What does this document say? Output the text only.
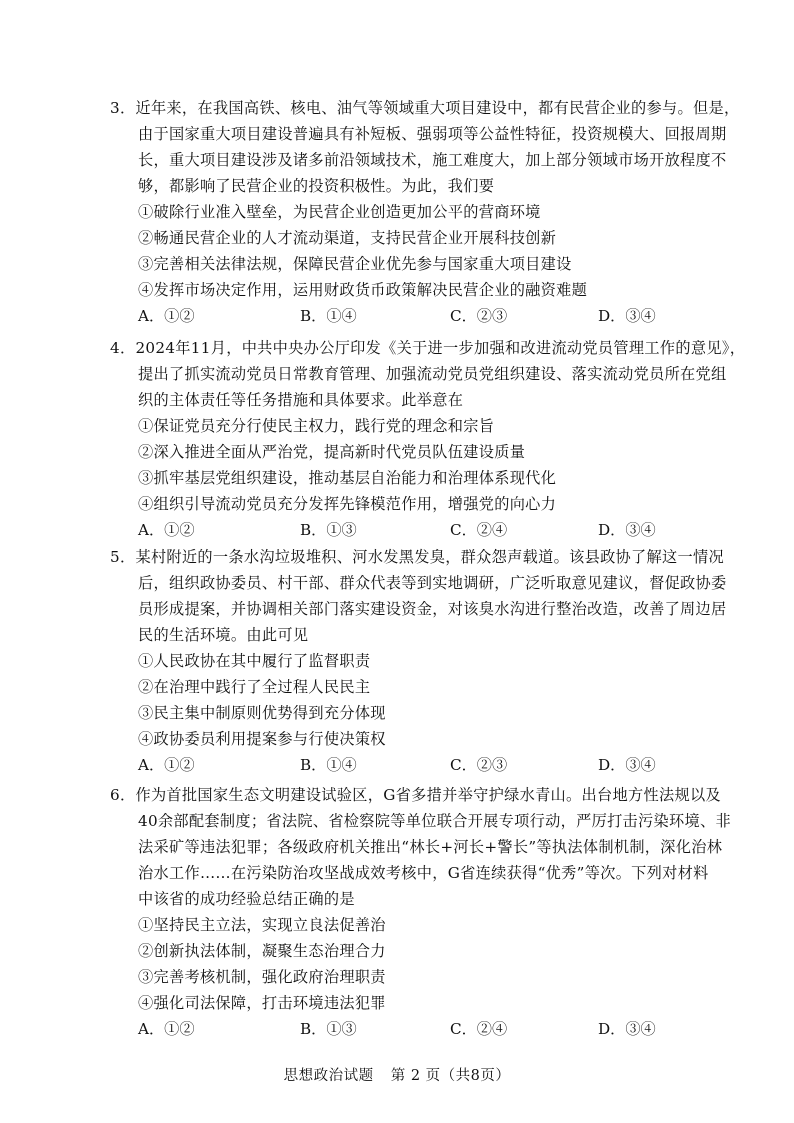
3．近年来，在我国高铁、核电、油气等领域重大项目建设中，都有民营企业的参与。但是，
由于国家重大项目建设普遍具有补短板、强弱项等公益性特征，投资规模大、回报周期
长，重大项目建设涉及诸多前沿领域技术，施工难度大，加上部分领域市场开放程度不
够，都影响了民营企业的投资积极性。为此，我们要
①破除行业准入壁垒，为民营企业创造更加公平的营商环境
②畅通民营企业的人才流动渠道，支持民营企业开展科技创新
③完善相关法律法规，保障民营企业优先参与国家重大项目建设
④发挥市场决定作用，运用财政货币政策解决民营企业的融资难题
A．①②	B．①④	C．②③	D．③④
4．2024年11月，中共中央办公厅印发《关于进一步加强和改进流动党员管理工作的意见》，
提出了抓实流动党员日常教育管理、加强流动党员党组织建设、落实流动党员所在党组
织的主体责任等任务措施和具体要求。此举意在
①保证党员充分行使民主权力，践行党的理念和宗旨
②深入推进全面从严治党，提高新时代党员队伍建设质量
③抓牢基层党组织建设，推动基层自治能力和治理体系现代化
④组织引导流动党员充分发挥先锋模范作用，增强党的向心力
A．①②	B．①③	C．②④	D．③④
5．某村附近的一条水沟垃圾堆积、河水发黑发臭，群众怨声载道。该县政协了解这一情况
后，组织政协委员、村干部、群众代表等到实地调研，广泛听取意见建议，督促政协委
员形成提案，并协调相关部门落实建设资金，对该臭水沟进行整治改造，改善了周边居
民的生活环境。由此可见
①人民政协在其中履行了监督职责
②在治理中践行了全过程人民民主
③民主集中制原则优势得到充分体现
④政协委员利用提案参与行使决策权
A．①②	B．①④	C．②③	D．③④
6．作为首批国家生态文明建设试验区，G省多措并举守护绿水青山。出台地方性法规以及
40余部配套制度；省法院、省检察院等单位联合开展专项行动，严厉打击污染环境、非
法采矿等违法犯罪；各级政府机关推出“林长+河长+警长”等执法体制机制，深化治林
治水工作……在污染防治攻坚战成效考核中，G省连续获得“优秀”等次。下列对材料
中该省的成功经验总结正确的是
①坚持民主立法，实现立良法促善治
②创新执法体制，凝聚生态治理合力
③完善考核机制，强化政府治理职责
④强化司法保障，打击环境违法犯罪
A．①②	B．①③	C．②④	D．③④
思想政治试题 第 2 页（共8页）
